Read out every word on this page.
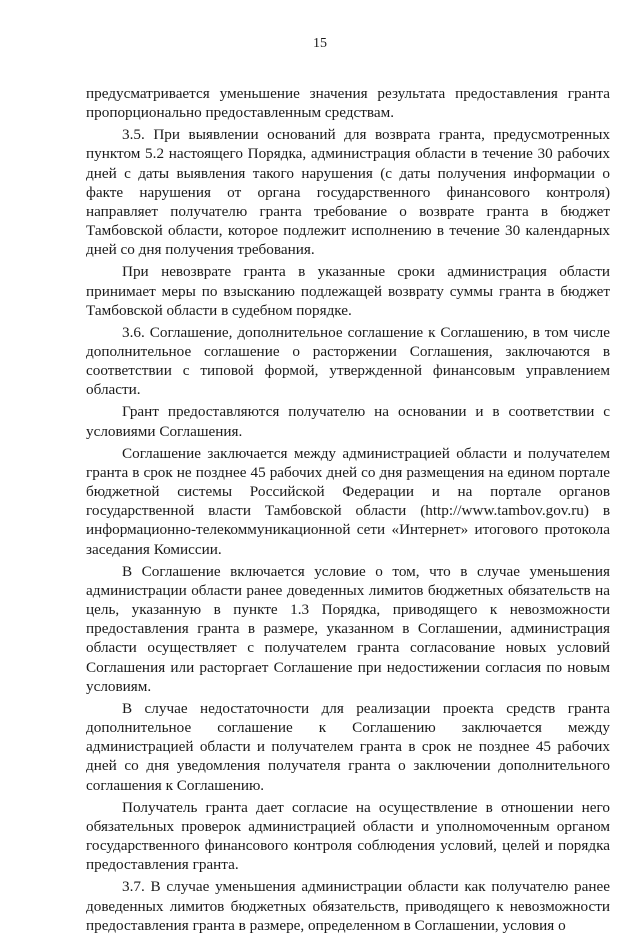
15

предусматривается уменьшение значения результата предоставления гранта пропорционально предоставленным средствам.

3.5. При выявлении оснований для возврата гранта, предусмотренных пунктом 5.2 настоящего Порядка, администрация области в течение 30 рабочих дней с даты выявления такого нарушения (с даты получения информации о факте нарушения от органа государственного финансового контроля) направляет получателю гранта требование о возврате гранта в бюджет Тамбовской области, которое подлежит исполнению в течение 30 календарных дней со дня получения требования.

При невозврате гранта в указанные сроки администрация области принимает меры по взысканию подлежащей возврату суммы гранта в бюджет Тамбовской области в судебном порядке.

3.6. Соглашение, дополнительное соглашение к Соглашению, в том числе дополнительное соглашение о расторжении Соглашения, заключаются в соответствии с типовой формой, утвержденной финансовым управлением области.

Грант предоставляются получателю на основании и в соответствии с условиями Соглашения.

Соглашение заключается между администрацией области и получателем гранта в срок не позднее 45 рабочих дней со дня размещения на едином портале бюджетной системы Российской Федерации и на портале органов государственной власти Тамбовской области (http://www.tambov.gov.ru) в информационно-телекоммуникационной сети «Интернет» итогового протокола заседания Комиссии.

В Соглашение включается условие о том, что в случае уменьшения администрации области ранее доведенных лимитов бюджетных обязательств на цель, указанную в пункте 1.3 Порядка, приводящего к невозможности предоставления гранта в размере, указанном в Соглашении, администрация области осуществляет с получателем гранта согласование новых условий Соглашения или расторгает Соглашение при недостижении согласия по новым условиям.

В случае недостаточности для реализации проекта средств гранта дополнительное соглашение к Соглашению заключается между администрацией области и получателем гранта в срок не позднее 45 рабочих дней со дня уведомления получателя гранта о заключении дополнительного соглашения к Соглашению.

Получатель гранта дает согласие на осуществление в отношении него обязательных проверок администрацией области и уполномоченным органом государственного финансового контроля соблюдения условий, целей и порядка предоставления гранта.

3.7. В случае уменьшения администрации области как получателю ранее доведенных лимитов бюджетных обязательств, приводящего к невозможности предоставления гранта в размере, определенном в Соглашении, условия о
